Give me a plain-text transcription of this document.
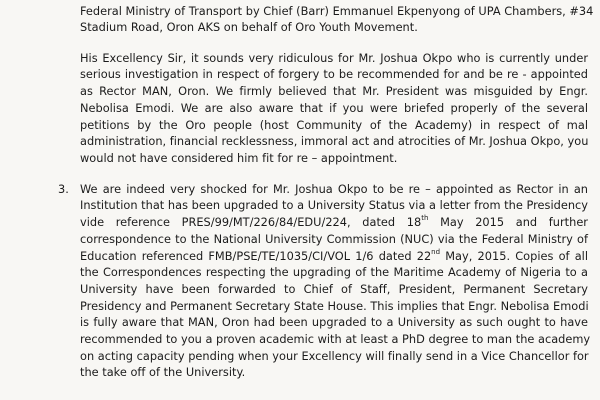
Federal Ministry of Transport by Chief (Barr) Emmanuel Ekpenyong of UPA Chambers, #34
Stadium Road, Oron AKS on behalf of Oro Youth Movement.
His Excellency Sir, it sounds very ridiculous for Mr. Joshua Okpo who is currently under
serious investigation in respect of forgery to be recommended for and be re - appointed
as Rector MAN, Oron. We firmly believed that Mr. President was misguided by Engr.
Nebolisa Emodi. We are also aware that if you were briefed properly of the several
petitions by the Oro people (host Community of the Academy) in respect of mal
administration, financial recklessness, immoral act and atrocities of Mr. Joshua Okpo, you
would not have considered him fit for re – appointment.
3. We are indeed very shocked for Mr. Joshua Okpo to be re – appointed as Rector in an
Institution that has been upgraded to a University Status via a letter from the Presidency
vide reference PRES/99/MT/226/84/EDU/224, dated 18th May 2015 and further
correspondence to the National University Commission (NUC) via the Federal Ministry of
Education referenced FMB/PSE/TE/1035/CI/VOL 1/6 dated 22nd May, 2015. Copies of all
the Correspondences respecting the upgrading of the Maritime Academy of Nigeria to a
University have been forwarded to Chief of Staff, President, Permanent Secretary
Presidency and Permanent Secretary State House. This implies that Engr. Nebolisa Emodi
is fully aware that MAN, Oron had been upgraded to a University as such ought to have
recommended to you a proven academic with at least a PhD degree to man the academy
on acting capacity pending when your Excellency will finally send in a Vice Chancellor for
the take off of the University.
